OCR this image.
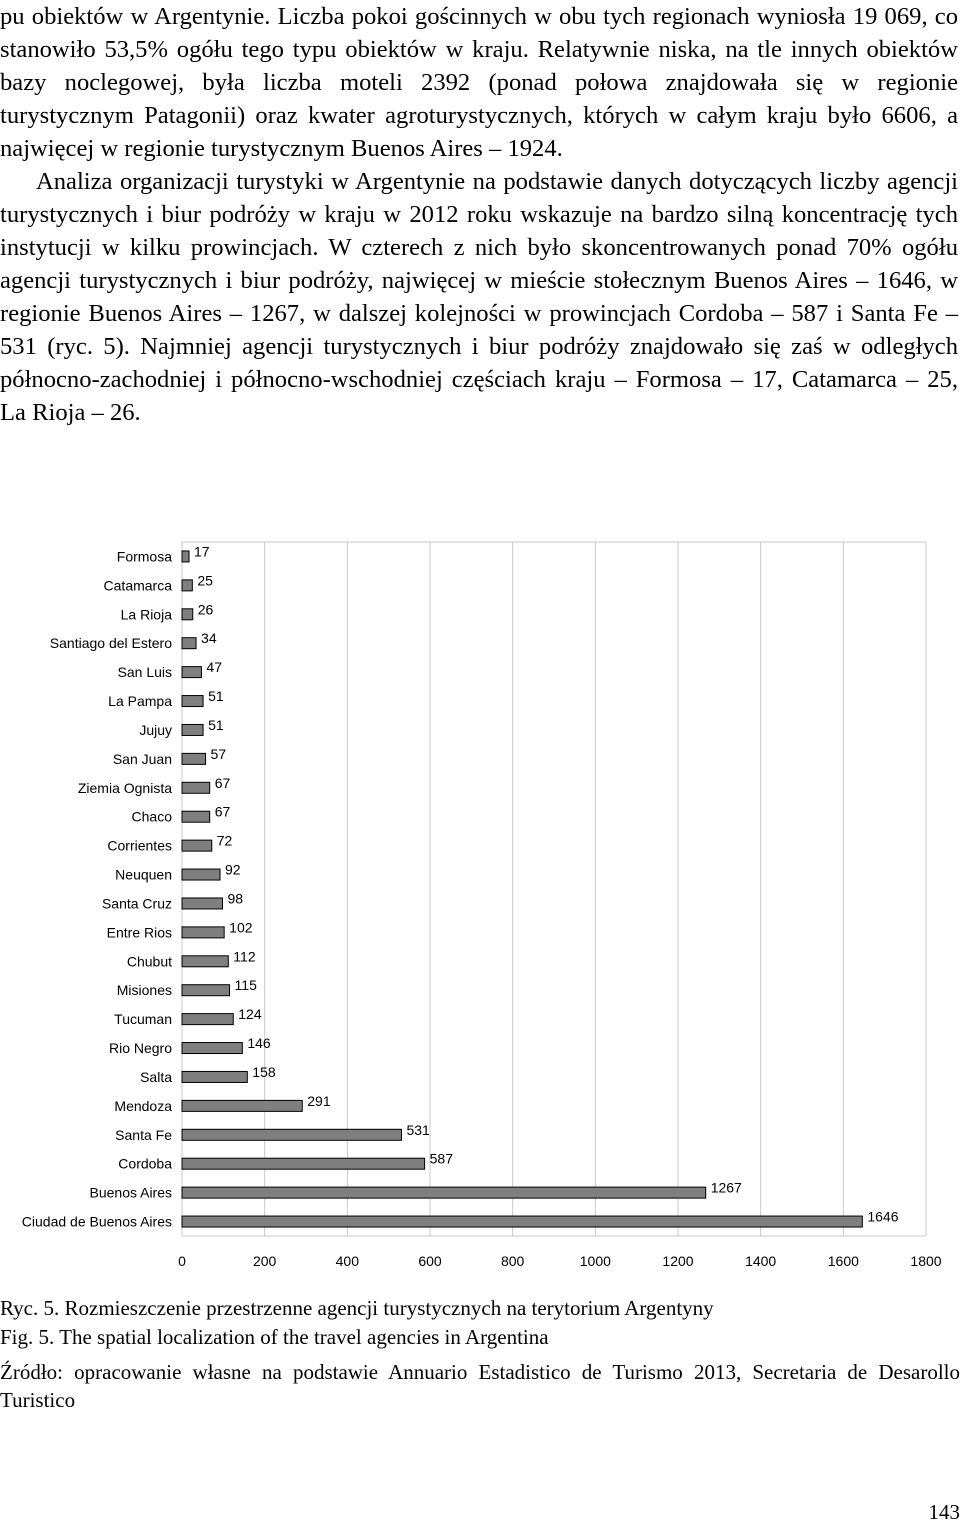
pu obiektów w Argentynie. Liczba pokoi gościnnych w obu tych regionach wyniosła 19 069, co stanowiło 53,5% ogółu tego typu obiektów w kraju. Relatywnie niska, na tle innych obiektów bazy noclegowej, była liczba moteli 2392 (ponad połowa znajdowała się w regionie turystycznym Patagonii) oraz kwater agroturystycznych, których w całym kraju było 6606, a najwięcej w regionie turystycznym Buenos Aires – 1924.

Analiza organizacji turystyki w Argentynie na podstawie danych dotyczących liczby agencji turystycznych i biur podróży w kraju w 2012 roku wskazuje na bardzo silną koncentrację tych instytucji w kilku prowincjach. W czterech z nich było skoncentrowanych ponad 70% ogółu agencji turystycznych i biur podróży, najwięcej w mieście stołecznym Buenos Aires – 1646, w regionie Buenos Aires – 1267, w dalszej kolejności w prowincjach Cordoba – 587 i Santa Fe – 531 (ryc. 5). Najmniej agencji turystycznych i biur podróży znajdowało się zaś w odległych północno-zachodniej i północno-wschodniej częściach kraju – Formosa – 17, Catamarca – 25, La Rioja – 26.

Formosa 17
Catamarca 25
La Rioja 26
Santiago del Estero 34
San Luis 47
La Pampa	51
Jujuy	51
San Juan	57
Ziemia Ognista	67
Chaco	67
Corrientes	72
Neuquen	92
Santa Cruz	98
Entre Rios	102
Chubut	112
Misiones	115
Tucuman	124
Rio Negro	146
Salta	158
Mendoza	291
Santa Fe	531
Cordoba	587
Buenos Aires	1267
Ciudad de Buenos Aires	1646
0	200	400	600	800	1000	1200	1400	1600	1800
Ryc. 5. Rozmieszczenie przestrzenne agencji turystycznych na terytorium Argentyny
Fig. 5. The spatial localization of the travel agencies in Argentina
Źródło: opracowanie własne na podstawie Annuario Estadistico de Turismo 2013, Secretaria de Desarollo Turistico
143
